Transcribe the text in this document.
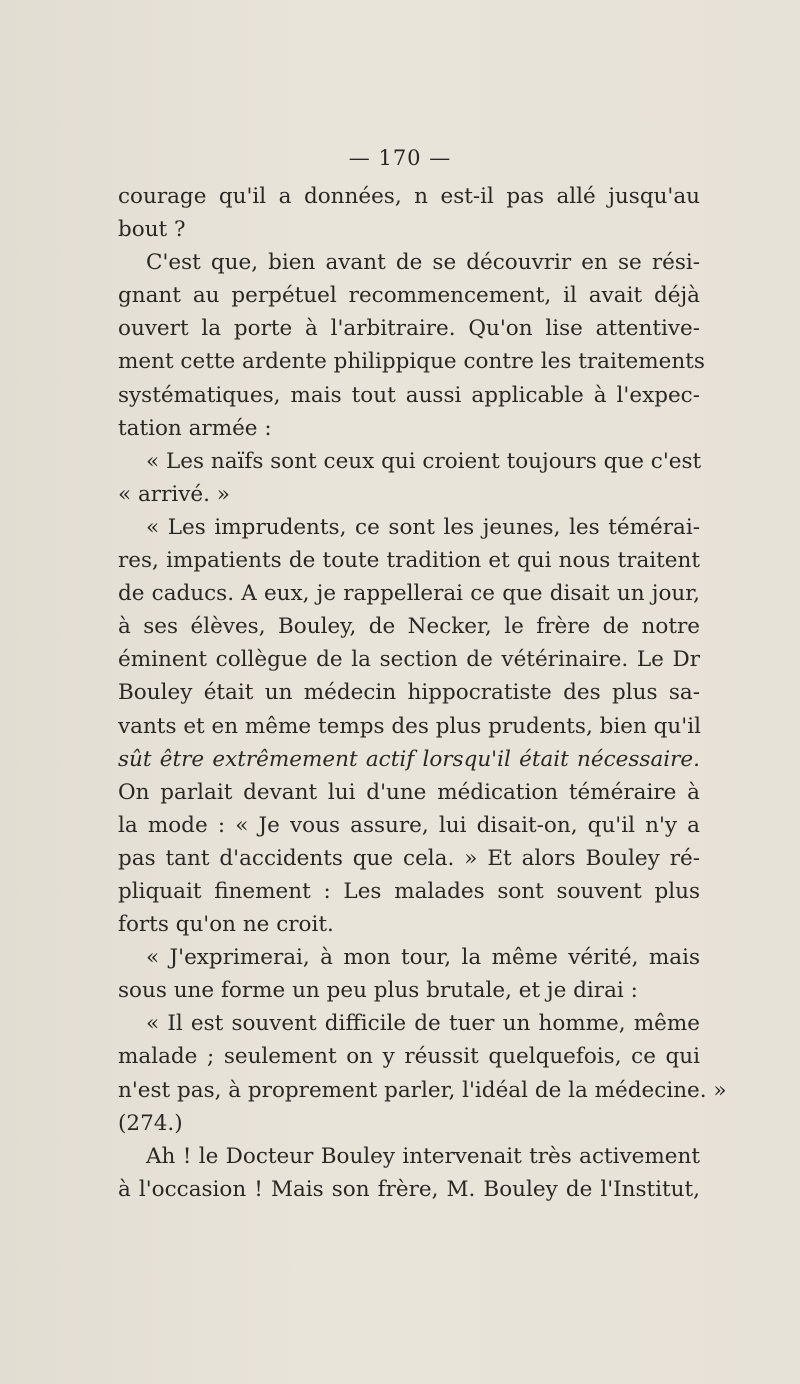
— 170 —
courage qu'il a données, n est-il pas allé jusqu'au
bout ?
C'est que, bien avant de se découvrir en se rési-
gnant au perpétuel recommencement, il avait déjà
ouvert la porte à l'arbitraire. Qu'on lise attentive-
ment cette ardente philippique contre les traitements
systématiques, mais tout aussi applicable à l'expec-
tation armée :
« Les naïfs sont ceux qui croient toujours que c'est
« arrivé. »
« Les imprudents, ce sont les jeunes, les témérai-
res, impatients de toute tradition et qui nous traitent
de caducs. A eux, je rappellerai ce que disait un jour,
à ses élèves, Bouley, de Necker, le frère de notre
éminent collègue de la section de vétérinaire. Le Dr
Bouley était un médecin hippocratiste des plus sa-
vants et en même temps des plus prudents, bien qu'il
sût être extrêmement actif lorsqu'il était nécessaire.
On parlait devant lui d'une médication téméraire à
la mode : « Je vous assure, lui disait-on, qu'il n'y a
pas tant d'accidents que cela. » Et alors Bouley ré-
pliquait finement : Les malades sont souvent plus
forts qu'on ne croit.
« J'exprimerai, à mon tour, la même vérité, mais
sous une forme un peu plus brutale, et je dirai :
« Il est souvent difficile de tuer un homme, même
malade ; seulement on y réussit quelquefois, ce qui
n'est pas, à proprement parler, l'idéal de la médecine. »
(274.)
Ah ! le Docteur Bouley intervenait très activement
à l'occasion ! Mais son frère, M. Bouley de l'Institut,
